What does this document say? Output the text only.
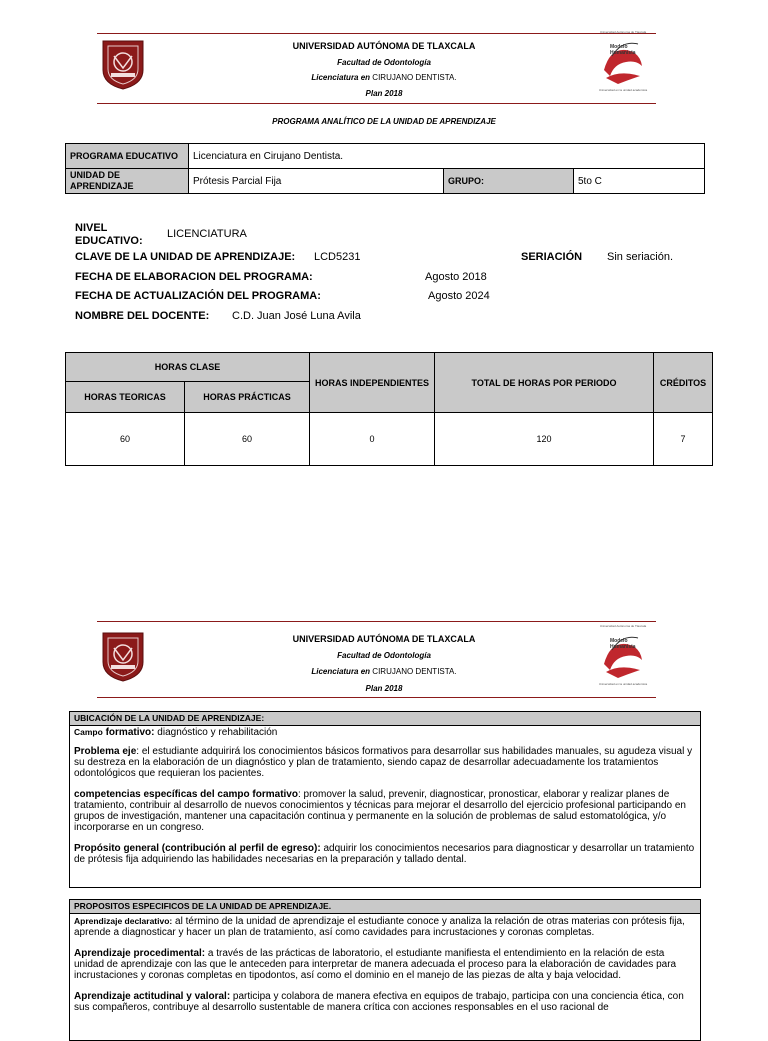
UNIVERSIDAD AUTÓNOMA DE TLAXCALA
Facultad de Odontología
Licenciatura en CIRUJANO DENTISTA.
Plan 2018
Universidad Autónoma de Tlaxcala
Modelo Humanista
Universidad en la unidad académica
PROGRAMA ANALÍTICO DE LA UNIDAD DE APRENDIZAJE
PROGRAMA EDUCATIVO	Licenciatura en Cirujano Dentista.		
UNIDAD DE APRENDIZAJE	Prótesis Parcial Fija	GRUPO:	5to C
NIVEL EDUCATIVO:
LICENCIATURA
CLAVE DE LA UNIDAD DE APRENDIZAJE: LCD5231	SERIACIÓN Sin seriación.
FECHA DE ELABORACION DEL PROGRAMA:	Agosto 2018
FECHA DE ACTUALIZACIÓN DEL PROGRAMA:	Agosto 2024
NOMBRE DEL DOCENTE: C.D. Juan José Luna Avila
HORAS CLASE		HORAS INDEPENDIENTES	TOTAL DE HORAS POR PERIODO	CRÉDITOS
HORAS TEORICAS	HORAS PRÁCTICAS			
60	60	0	120	7
UNIVERSIDAD AUTÓNOMA DE TLAXCALA
Facultad de Odontología
Licenciatura en CIRUJANO DENTISTA.
Plan 2018
Universidad Autónoma de Tlaxcala
Modelo Humanista
Universidad en la unidad académica
UBICACIÓN DE LA UNIDAD DE APRENDIZAJE:

Campo formativo: diagnóstico y rehabilitación

Problema eje: el estudiante adquirirá los conocimientos básicos formativos para desarrollar sus habilidades manuales, su agudeza visual y su destreza en la elaboración de un diagnóstico y plan de tratamiento, siendo capaz de desarrollar adecuadamente los tratamientos odontológicos que requieran los pacientes.

competencias específicas del campo formativo: promover la salud, prevenir, diagnosticar, pronosticar, elaborar y realizar planes de tratamiento, contribuir al desarrollo de nuevos conocimientos y técnicas para mejorar el desarrollo del ejercicio profesional participando en grupos de investigación, mantener una capacitación continua y permanente en la solución de problemas de salud estomatológica, y/o incorporarse en un congreso.

Propósito general (contribución al perfil de egreso): adquirir los conocimientos necesarios para diagnosticar y desarrollar un tratamiento de prótesis fija adquiriendo las habilidades necesarias en la preparación y tallado dental.

PROPOSITOS ESPECIFICOS DE LA UNIDAD DE APRENDIZAJE.

Aprendizaje declarativo: al término de la unidad de aprendizaje el estudiante conoce y analiza la relación de otras materias con prótesis fija, aprende a diagnosticar y hacer un plan de tratamiento, así como cavidades para incrustaciones y coronas completas.

Aprendizaje procedimental: a través de las prácticas de laboratorio, el estudiante manifiesta el entendimiento en la relación de esta unidad de aprendizaje con las que le anteceden para interpretar de manera adecuada el proceso para la elaboración de cavidades para incrustaciones y coronas completas en tipodontos, así como el dominio en el manejo de las piezas de alta y baja velocidad.

Aprendizaje actitudinal y valoral: participa y colabora de manera efectiva en equipos de trabajo, participa con una conciencia ética, con sus compañeros, contribuye al desarrollo sustentable de manera crítica con acciones responsables en el uso racional de
